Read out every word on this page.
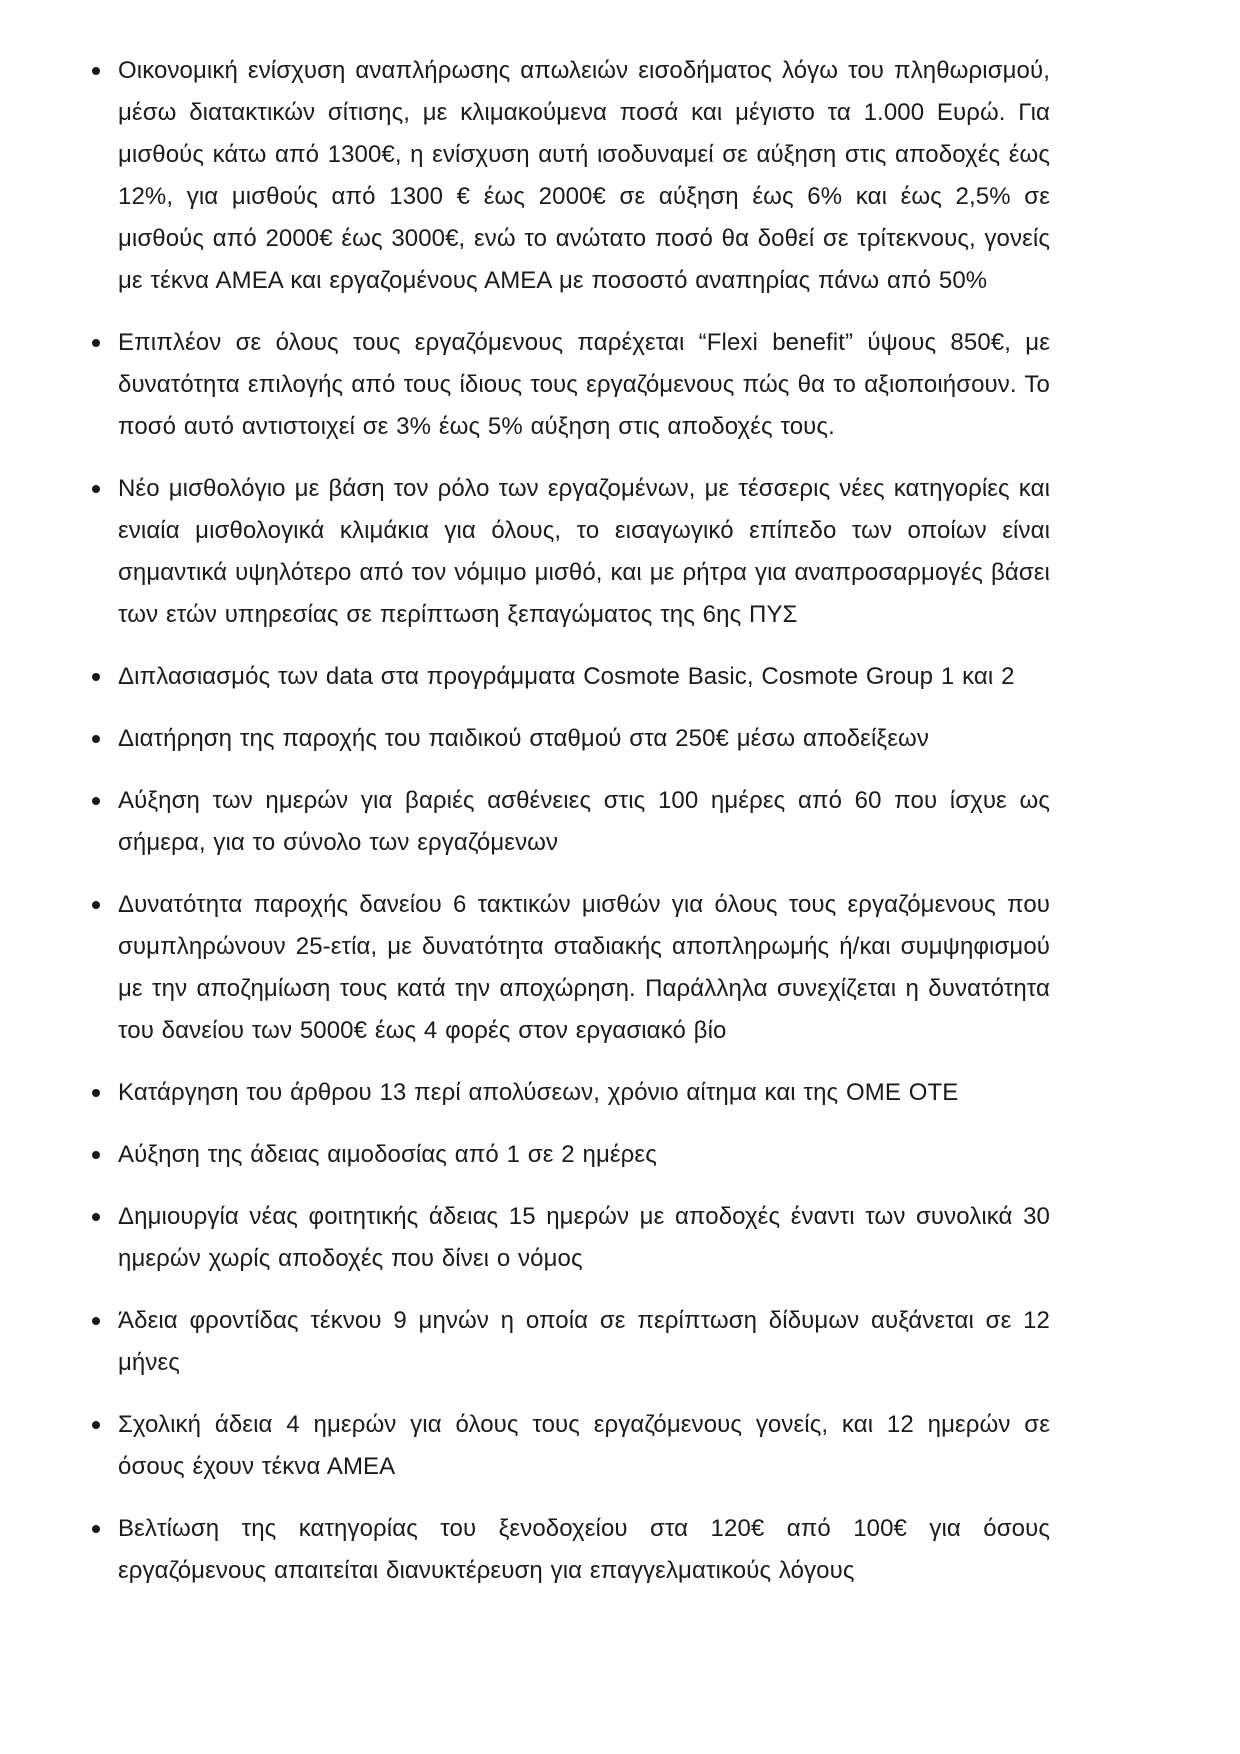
Οικονομική ενίσχυση αναπλήρωσης απωλειών εισοδήματος λόγω του πληθωρισμού, μέσω διατακτικών σίτισης, με κλιμακούμενα ποσά και μέγιστο τα 1.000 Ευρώ. Για μισθούς κάτω από 1300€, η ενίσχυση αυτή ισοδυναμεί σε αύξηση στις αποδοχές έως 12%, για μισθούς από 1300 € έως 2000€ σε αύξηση έως 6% και έως 2,5% σε μισθούς από 2000€ έως 3000€, ενώ το ανώτατο ποσό θα δοθεί σε τρίτεκνους, γονείς με τέκνα ΑΜΕΑ και εργαζομένους ΑΜΕΑ με ποσοστό αναπηρίας πάνω από 50%
Επιπλέον σε όλους τους εργαζόμενους παρέχεται “Flexi benefit” ύψους 850€, με δυνατότητα επιλογής από τους ίδιους τους εργαζόμενους πώς θα το αξιοποιήσουν. Το ποσό αυτό αντιστοιχεί σε 3% έως 5% αύξηση στις αποδοχές τους.
Νέο μισθολόγιο με βάση τον ρόλο των εργαζομένων, με τέσσερις νέες κατηγορίες και ενιαία μισθολογικά κλιμάκια για όλους, το εισαγωγικό επίπεδο των οποίων είναι σημαντικά υψηλότερο από τον νόμιμο μισθό, και με ρήτρα για αναπροσαρμογές βάσει των ετών υπηρεσίας σε περίπτωση ξεπαγώματος της 6ης ΠΥΣ
Διπλασιασμός των data στα προγράμματα Cosmote Basic, Cosmote Group 1 και 2
Διατήρηση της παροχής του παιδικού σταθμού στα 250€ μέσω αποδείξεων
Αύξηση των ημερών για βαριές ασθένειες στις 100 ημέρες από 60 που ίσχυε ως σήμερα, για το σύνολο των εργαζόμενων
Δυνατότητα παροχής δανείου 6 τακτικών μισθών για όλους τους εργαζόμενους που συμπληρώνουν 25-ετία, με δυνατότητα σταδιακής αποπληρωμής ή/και συμψηφισμού με την αποζημίωση τους κατά την αποχώρηση. Παράλληλα συνεχίζεται η δυνατότητα του δανείου των 5000€ έως 4 φορές στον εργασιακό βίο
Κατάργηση του άρθρου 13 περί απολύσεων, χρόνιο αίτημα και της ΟΜΕ ΟΤΕ
Αύξηση της άδειας αιμοδοσίας από 1 σε 2 ημέρες
Δημιουργία νέας φοιτητικής άδειας 15 ημερών με αποδοχές έναντι των συνολικά 30 ημερών χωρίς αποδοχές που δίνει ο νόμος
Άδεια φροντίδας τέκνου 9 μηνών η οποία σε περίπτωση δίδυμων αυξάνεται σε 12 μήνες
Σχολική άδεια 4 ημερών για όλους τους εργαζόμενους γονείς, και 12 ημερών σε όσους έχουν τέκνα ΑΜΕΑ
Βελτίωση της κατηγορίας του ξενοδοχείου στα 120€ από 100€ για όσους εργαζόμενους απαιτείται διανυκτέρευση για επαγγελματικούς λόγους
